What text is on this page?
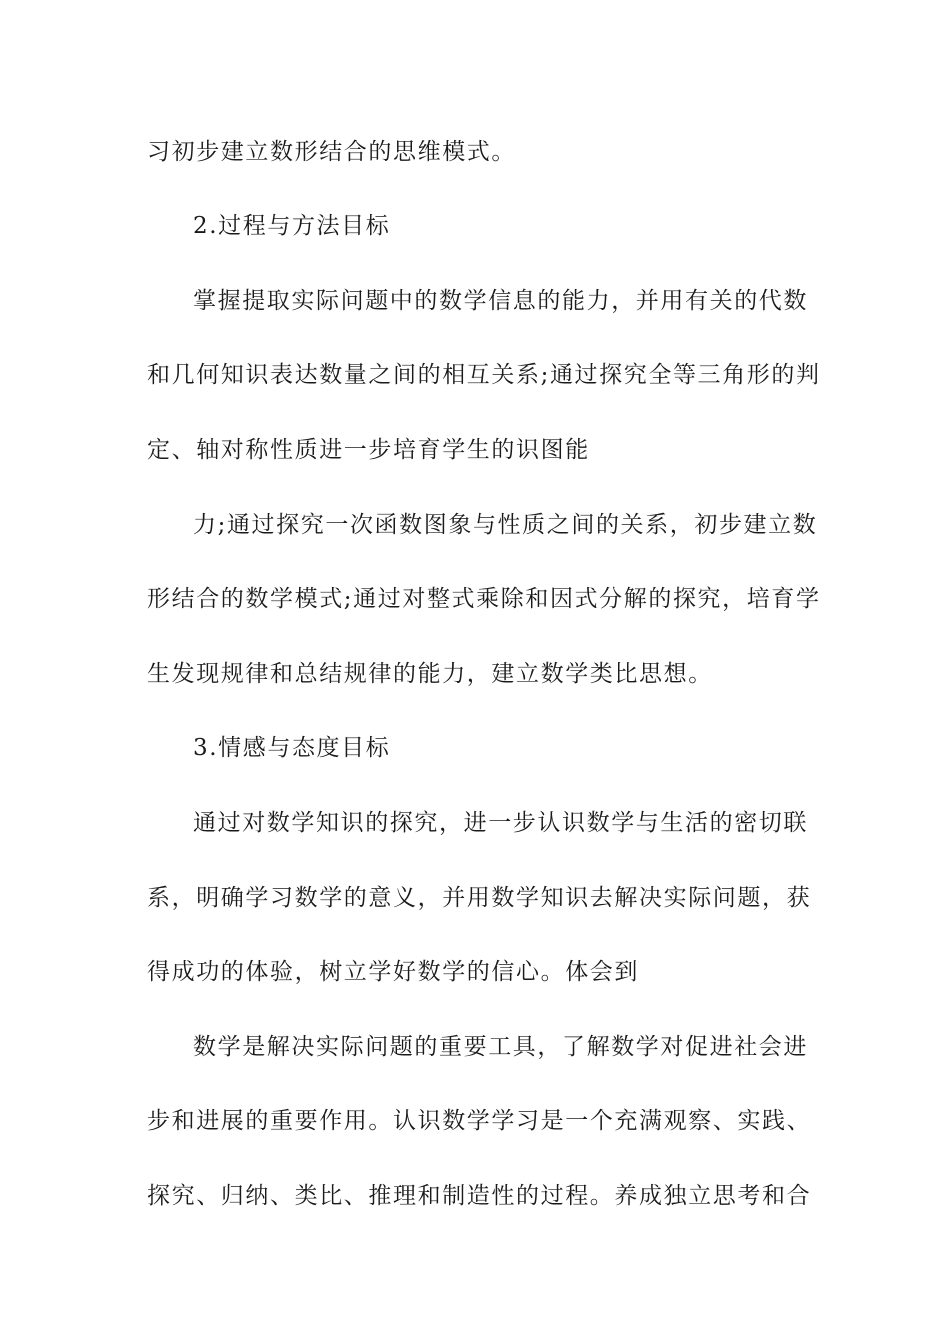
习初步建立数形结合的思维模式。
2.过程与方法目标
掌握提取实际问题中的数学信息的能力，并用有关的代数
和几何知识表达数量之间的相互关系;通过探究全等三角形的判
定、轴对称性质进一步培育学生的识图能
力;通过探究一次函数图象与性质之间的关系，初步建立数
形结合的数学模式;通过对整式乘除和因式分解的探究，培育学
生发现规律和总结规律的能力，建立数学类比思想。
3.情感与态度目标
通过对数学知识的探究，进一步认识数学与生活的密切联
系，明确学习数学的意义，并用数学知识去解决实际问题，获
得成功的体验，树立学好数学的信心。体会到
数学是解决实际问题的重要工具，了解数学对促进社会进
步和进展的重要作用。认识数学学习是一个充满观察、实践、
探究、归纳、类比、推理和制造性的过程。养成独立思考和合
